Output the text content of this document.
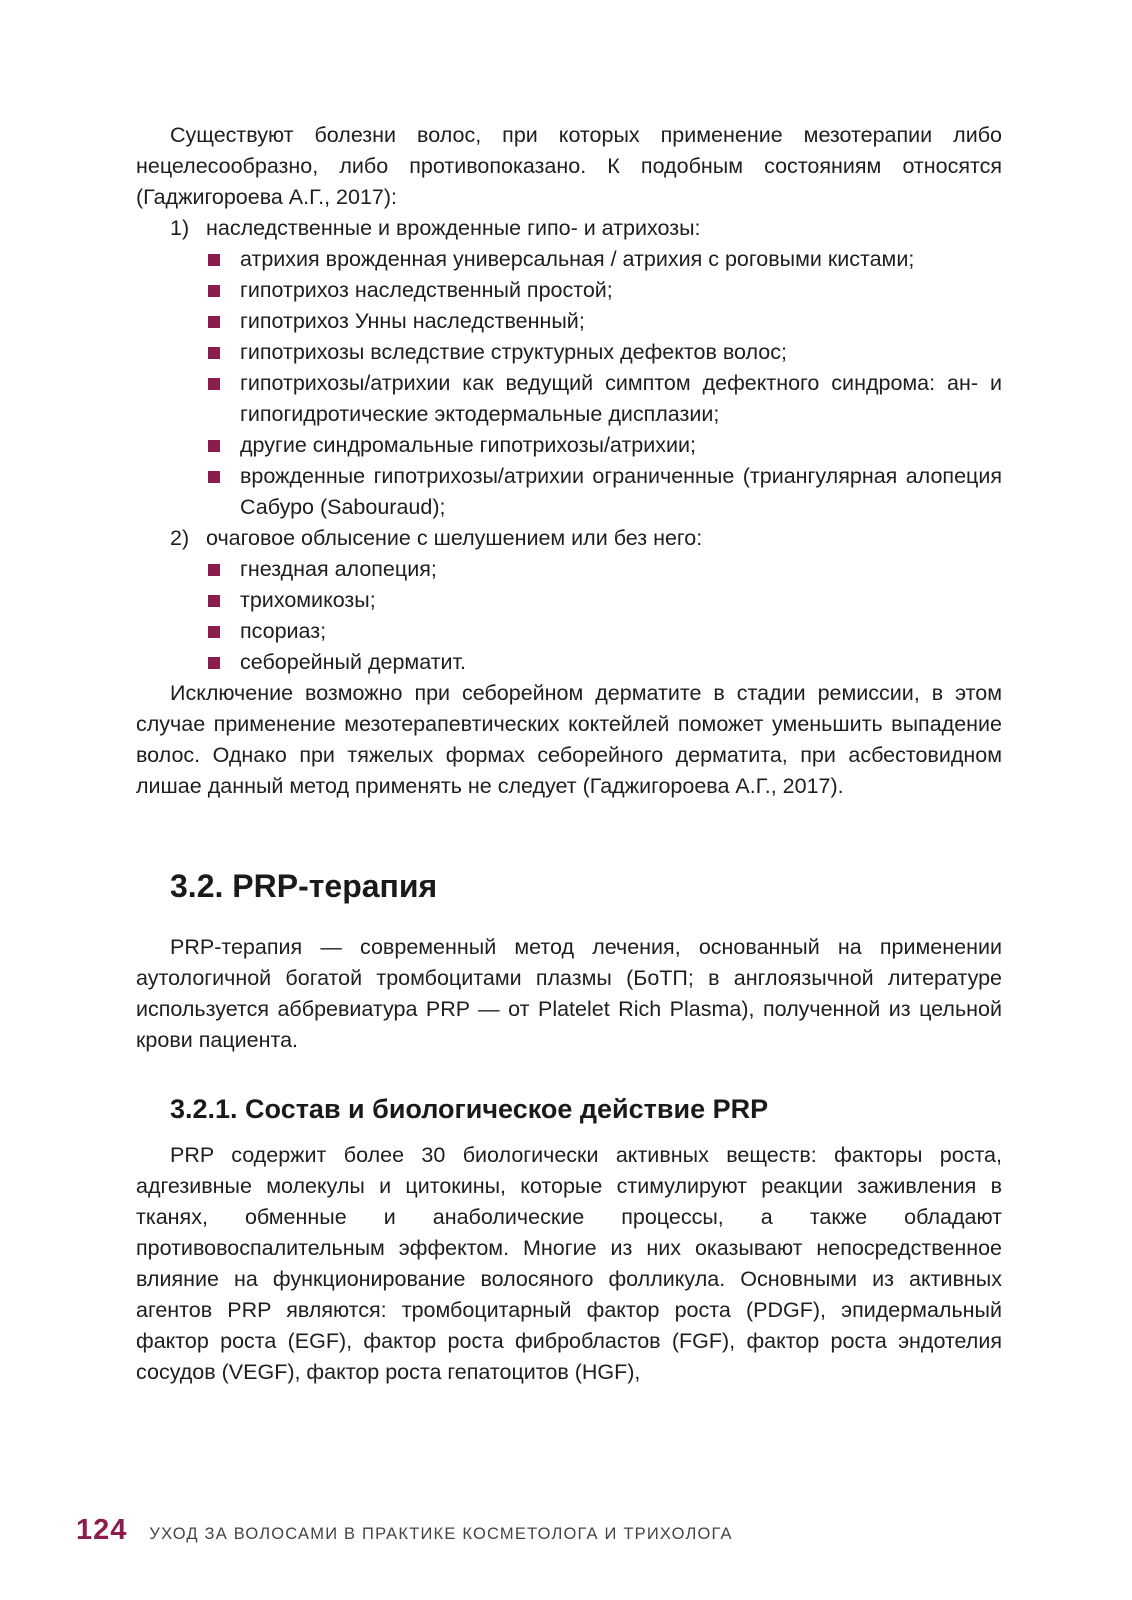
Существуют болезни волос, при которых применение мезотерапии либо нецелесообразно, либо противопоказано. К подобным состояниям относятся (Гаджигороева А.Г., 2017):

1) наследственные и врожденные гипо- и атрихозы:
атрихия врожденная универсальная / атрихия с роговыми кистами;
гипотрихоз наследственный простой;
гипотрихоз Унны наследственный;
гипотрихозы вследствие структурных дефектов волос;
гипотрихозы/атрихии как ведущий симптом дефектного синдрома: ан- и гипогидротические эктодермальные дисплазии;
другие синдромальные гипотрихозы/атрихии;
врожденные гипотрихозы/атрихии ограниченные (триангулярная алопеция Сабуро (Sabouraud);
2) очаговое облысение с шелушением или без него:
гнездная алопеция;
трихомикозы;
псориаз;
себорейный дерматит.

Исключение возможно при себорейном дерматите в стадии ремиссии, в этом случае применение мезотерапевтических коктейлей поможет уменьшить выпадение волос. Однако при тяжелых формах себорейного дерматита, при асбестовидном лишае данный метод применять не следует (Гаджигороева А.Г., 2017).

3.2. PRP-терапия

PRP-терапия — современный метод лечения, основанный на применении аутологичной богатой тромбоцитами плазмы (БоТП; в англоязычной литературе используется аббревиатура PRP — от Platelet Rich Plasma), полученной из цельной крови пациента.

3.2.1. Состав и биологическое действие PRP

PRP содержит более 30 биологически активных веществ: факторы роста, адгезивные молекулы и цитокины, которые стимулируют реакции заживления в тканях, обменные и анаболические процессы, а также обладают противовоспалительным эффектом. Многие из них оказывают непосредственное влияние на функционирование волосяного фолликула. Основными из активных агентов PRP являются: тромбоцитарный фактор роста (PDGF), эпидермальный фактор роста (EGF), фактор роста фибробластов (FGF), фактор роста эндотелия сосудов (VEGF), фактор роста гепатоцитов (HGF),

124 УХОД ЗА ВОЛОСАМИ В ПРАКТИКЕ КОСМЕТОЛОГА И ТРИХОЛОГА
